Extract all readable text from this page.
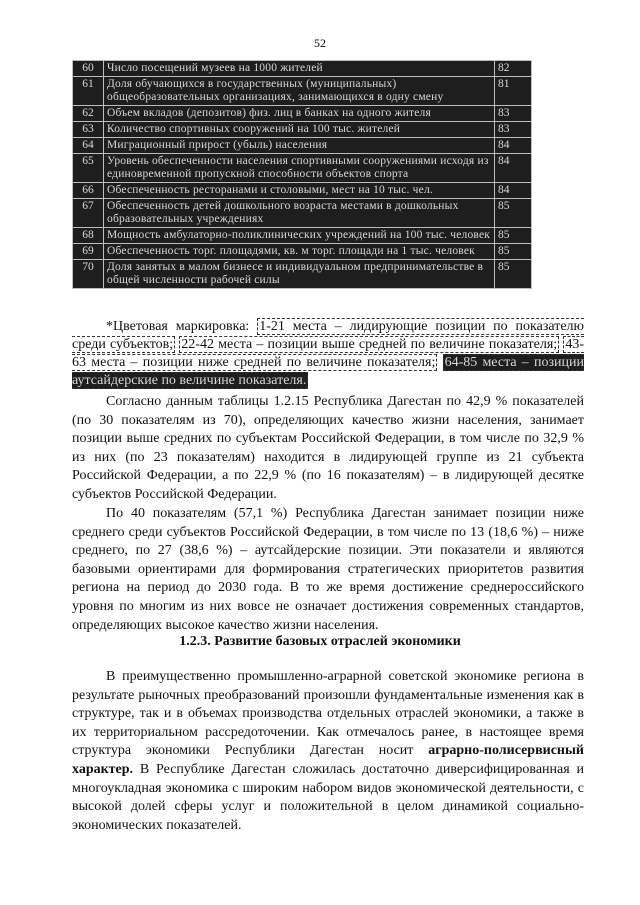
52
60	Число посещений музеев на 1000 жителей	82
61	Доля обучающихся в государственных (муниципальных) общеобразовательных организациях, занимающихся в одну смену	81
62	Объем вкладов (депозитов) физ. лиц в банках на одного жителя	83
63	Количество спортивных сооружений на 100 тыс. жителей	83
64	Миграционный прирост (убыль) населения	84
65	Уровень обеспеченности населения спортивными сооружениями исходя из единовременной пропускной способности объектов спорта	84
66	Обеспеченность ресторанами и столовыми, мест на 10 тыс. чел.	84
67	Обеспеченность детей дошкольного возраста местами в дошкольных образовательных учреждениях	85
68	Мощность амбулаторно-поликлинических учреждений на 100 тыс. человек	85
69	Обеспеченность торг. площадями, кв. м торг. площади на 1 тыс. человек	85
70	Доля занятых в малом бизнесе и индивидуальном предпринимательстве в общей численности рабочей силы	85
*Цветовая маркировка: 1-21 места – лидирующие позиции по показателю среди субъектов; 22-42 места – позиции выше средней по величине показателя; 43-63 места – позиции ниже средней по величине показателя; 64-85 места – позиции аутсайдерские по величине показателя.

Согласно данным таблицы 1.2.15 Республика Дагестан по 42,9 % показателей (по 30 показателям из 70), определяющих качество жизни населения, занимает позиции выше средних по субъектам Российской Федерации, в том числе по 32,9 % из них (по 23 показателям) находится в лидирующей группе из 21 субъекта Российской Федерации, а по 22,9 % (по 16 показателям) – в лидирующей десятке субъектов Российской Федерации.

По 40 показателям (57,1 %) Республика Дагестан занимает позиции ниже среднего среди субъектов Российской Федерации, в том числе по 13 (18,6 %) – ниже среднего, по 27 (38,6 %) – аутсайдерские позиции. Эти показатели и являются базовыми ориентирами для формирования стратегических приоритетов развития региона на период до 2030 года. В то же время достижение среднероссийского уровня по многим из них вовсе не означает достижения современных стандартов, определяющих высокое качество жизни населения.

1.2.3. Развитие базовых отраслей экономики

В преимущественно промышленно-аграрной советской экономике региона в результате рыночных преобразований произошли фундаментальные изменения как в структуре, так и в объемах производства отдельных отраслей экономики, а также в их территориальном рассредоточении. Как отмечалось ранее, в настоящее время структура экономики Республики Дагестан носит аграрно-полисервисный характер. В Республике Дагестан сложилась достаточно диверсифицированная и многоукладная экономика с широким набором видов экономической деятельности, с высокой долей сферы услуг и положительной в целом динамикой социально-экономических показателей.
